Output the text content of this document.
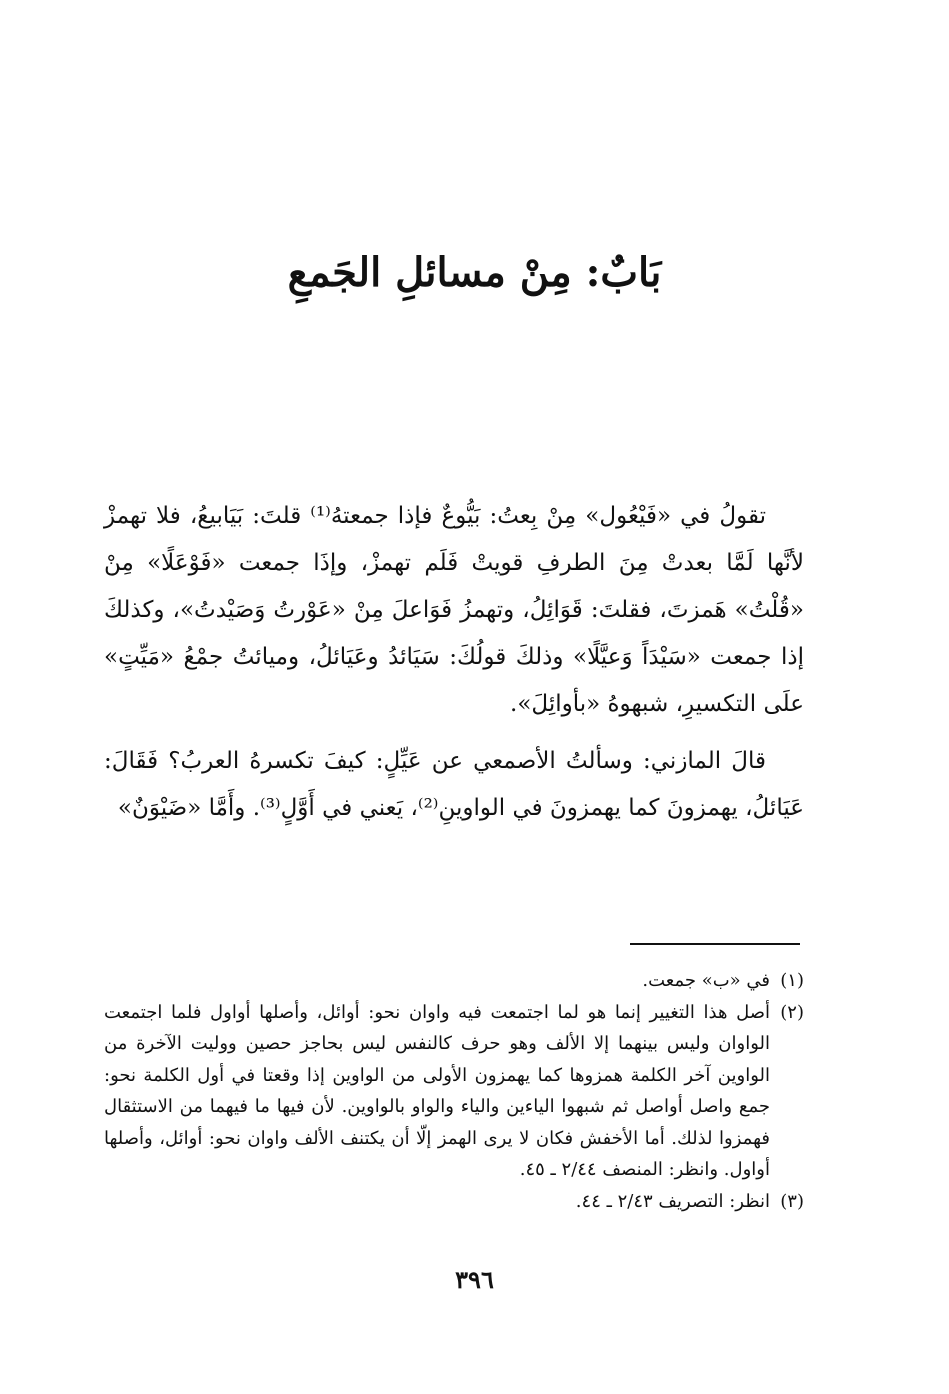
بَابٌ: مِنْ مسائلِ الجَمعِ

تقولُ في «فَيْعُول» مِنْ بِعتُ: بَيُّوعٌ فإذا جمعتهُ⁽¹⁾ قلتَ: بَيَابيعُ، فلا تهمزْ لأنَّها لَمَّا بعدتْ مِنَ الطرفِ قويتْ فَلَم تهمزْ، وإذَا جمعت «فَوْعَلًا» مِنْ «قُلْتُ» هَمزتَ، فقلتَ: قَوَائِلُ، وتهمزُ فَوَاعلَ مِنْ «عَوْرتُ وَصَيْدتُ»، وكذلكَ إذا جمعت «سَيْدَاً وَعيَّلًا» وذلكَ قولُكَ: سَيَائدُ وعَيَائلُ، وميائتُ جمْعُ «مَيِّتٍ» علَى التكسيرِ، شبهوهُ «بأوائِلَ».

قالَ المازني: وسألتُ الأصمعي عن عَيِّلٍ: كيفَ تكسرهُ العربُ؟ فَقَالَ: عَيَائلُ، يهمزونَ كما يهمزونَ في الواوينِ⁽²⁾، يَعني في أَوَّلٍ⁽³⁾. وأَمَّا «ضَيْوَنٌ»

(١)
في «ب» جمعت.
(٢)
أصل هذا التغيير إنما هو لما اجتمعت فيه واوان نحو: أوائل، وأصلها أواول فلما اجتمعت الواوان وليس بينهما إلا الألف وهو حرف كالنفس ليس بحاجز حصين ووليت الآخرة من الواوين آخر الكلمة همزوها كما يهمزون الأولى من الواوين إذا وقعتا في أول الكلمة نحو: جمع واصل أواصل ثم شبهوا الياءين والياء والواو بالواوين. لأن فيها ما فيهما من الاستثقال فهمزوا لذلك. أما الأخفش فكان لا يرى الهمز إلّا أن يكتنف الألف واوان نحو: أوائل، وأصلها أواول. وانظر: المنصف ٢/٤٤ ـ ٤٥.
(٣)
انظر: التصريف ٢/٤٣ ـ ٤٤.
٣٩٦
